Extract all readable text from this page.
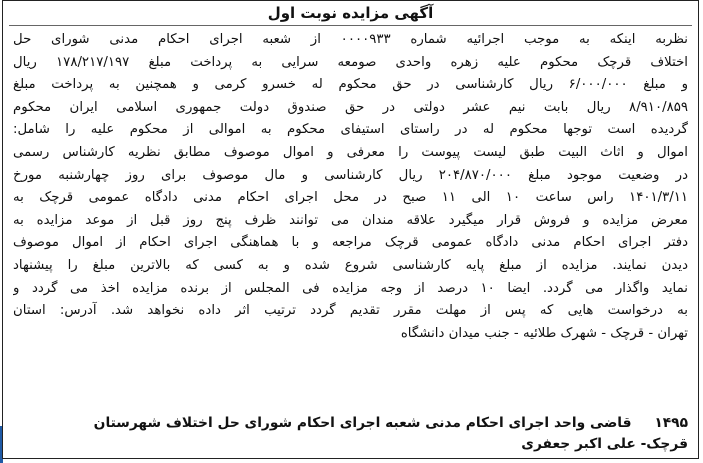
آگهی مزایده نوبت اول
نظربه اینکه به موجب اجرائیه شماره ۰۰۰۰۹۳۳ از شعبه اجرای احکام مدنی شورای حل
اختلاف قرچک محکوم علیه زهره واحدی صومعه سرایی به پرداخت مبلغ ۱۷۸/۲۱۷/۱۹۷ ریال
و مبلغ ۶/۰۰۰/۰۰۰ ریال کارشناسی در حق محکوم له خسرو کرمی و همچنین به پرداخت مبلغ
۸/۹۱۰/۸۵۹ ریال بابت نیم عشر دولتی در حق صندوق دولت جمهوری اسلامی ایران محکوم
گردیده است توجها محکوم له در راستای استیفای محکوم به اموالی از محکوم علیه را شامل:
اموال و اثاث البیت طبق لیست پیوست را معرفی و اموال موصوف مطابق نظریه کارشناس رسمی
در وضعیت موجود مبلغ ۲۰۴/۸۷۰/۰۰۰ ریال کارشناسی و مال موصوف برای روز چهارشنبه مورخ
۱۴۰۱/۳/۱۱ راس ساعت ۱۰ الی ۱۱ صبح در محل اجرای احکام مدنی دادگاه عمومی قرچک به
معرض مزایده و فروش قرار میگیرد علاقه مندان می توانند ظرف پنج روز قبل از موعد مزایده به
دفتر اجرای احکام مدنی دادگاه عمومی قرچک مراجعه و با هماهنگی اجرای احکام از اموال موصوف
دیدن نمایند. مزایده از مبلغ پایه کارشناسی شروع شده و به کسی که بالاترین مبلغ را پیشنهاد
نماید واگذار می گردد. ایضا ۱۰ درصد از وجه مزایده فی المجلس از برنده مزایده اخذ می گردد و
به درخواست هایی که پس از مهلت مقرر تقدیم گردد ترتیب اثر داده نخواهد شد. آدرس: استان
تهران - قرچک - شهرک طلائیه - جنب میدان دانشگاه
۱۴۹۵ قاضی واحد اجرای احکام مدنی شعبه اجرای احکام شورای حل اختلاف شهرستان
قرچک- علی اکبر جعفری
